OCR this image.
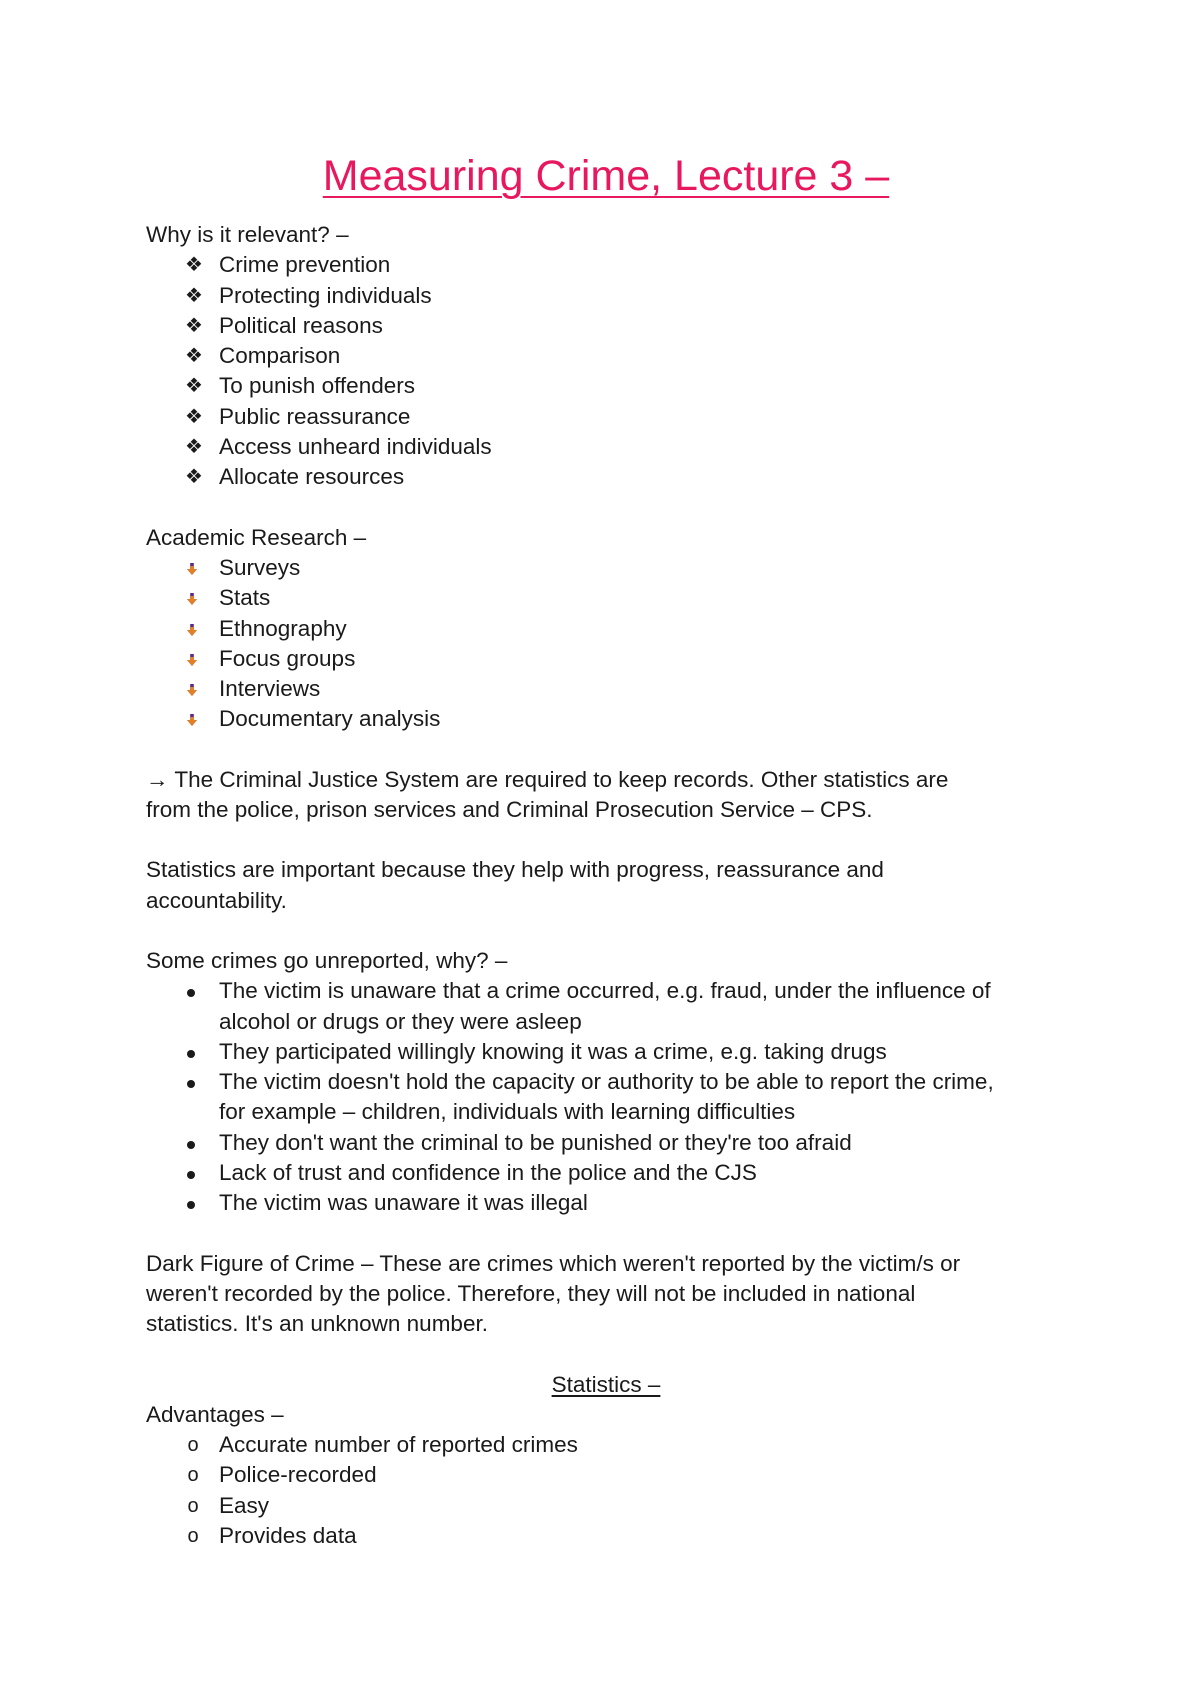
Measuring Crime, Lecture 3 –

Why is it relevant? –

❖ Crime prevention
❖ Protecting individuals
❖ Political reasons
❖ Comparison
❖ To punish offenders
❖ Public reassurance
❖ Access unheard individuals
❖ Allocate resources

Academic Research –

Surveys
Stats
Ethnography
Focus groups
Interviews
Documentary analysis

→ The Criminal Justice System are required to keep records. Other statistics are

from the police, prison services and Criminal Prosecution Service – CPS.

Statistics are important because they help with progress, reassurance and

accountability.

Some crimes go unreported, why? –

The victim is unaware that a crime occurred, e.g. fraud, under the influence of
alcohol or drugs or they were asleep
They participated willingly knowing it was a crime, e.g. taking drugs
The victim doesn't hold the capacity or authority to be able to report the crime,
for example – children, individuals with learning difficulties
They don't want the criminal to be punished or they're too afraid
Lack of trust and confidence in the police and the CJS
The victim was unaware it was illegal

Dark Figure of Crime – These are crimes which weren't reported by the victim/s or

weren't recorded by the police. Therefore, they will not be included in national

statistics. It's an unknown number.

Statistics –

Advantages –

o Accurate number of reported crimes
o Police-recorded
o Easy
o Provides data
